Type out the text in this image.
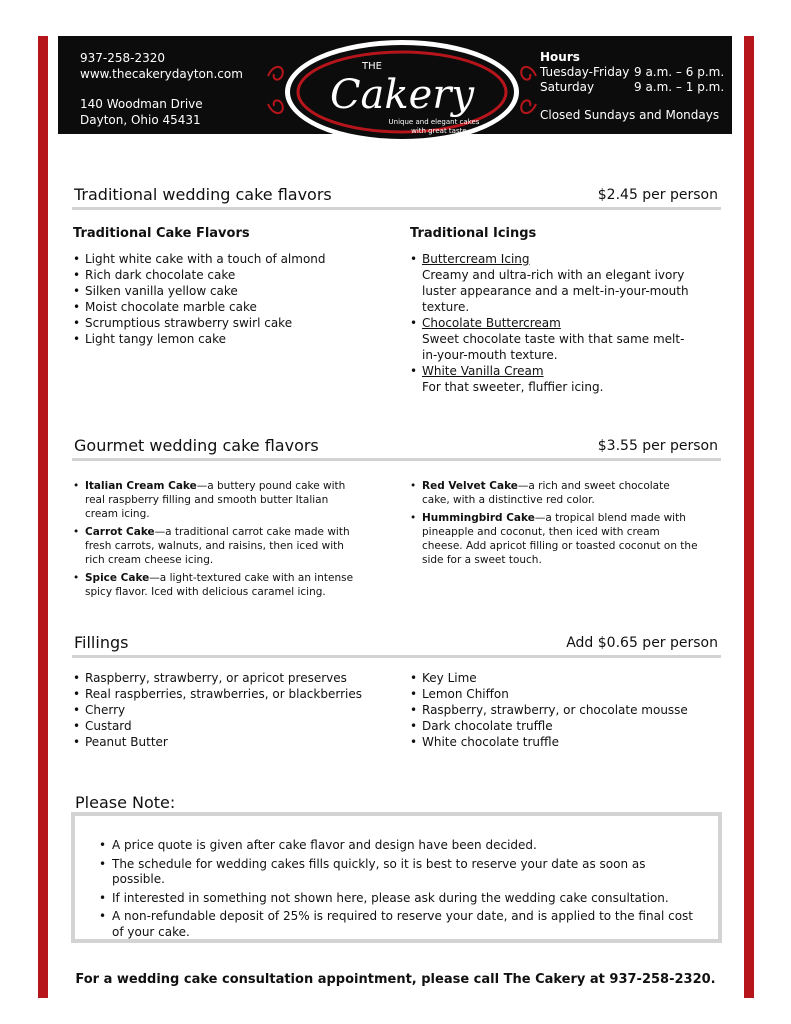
937-258-2320
www.thecakerydayton.com
140 Woodman Drive
Dayton, Ohio 45431
THE
Cakery
Unique and elegant cakes
with great taste.
Hours
Tuesday-Friday 9 a.m. – 6 p.m.
Saturday	9 a.m. – 1 p.m.
Closed Sundays and Mondays
Traditional wedding cake flavors	$2.45 per person
Traditional Cake Flavors
• Light white cake with a touch of almond
• Rich dark chocolate cake
• Silken vanilla yellow cake
• Moist chocolate marble cake
• Scrumptious strawberry swirl cake
• Light tangy lemon cake
Traditional Icings
• Buttercream Icing
Creamy and ultra-rich with an elegant ivory luster appearance and a melt-in-your-mouth texture.
• Chocolate Buttercream
Sweet chocolate taste with that same melt-in-your-mouth texture.
• White Vanilla Cream
For that sweeter, fluffier icing.
Gourmet wedding cake flavors	$3.55 per person
• Italian Cream Cake—a buttery pound cake with real raspberry filling and smooth butter Italian cream icing.
• Carrot Cake—a traditional carrot cake made with fresh carrots, walnuts, and raisins, then iced with rich cream cheese icing.
• Spice Cake—a light-textured cake with an intense spicy flavor. Iced with delicious caramel icing.
• Red Velvet Cake—a rich and sweet chocolate cake, with a distinctive red color.
• Hummingbird Cake—a tropical blend made with pineapple and coconut, then iced with cream cheese. Add apricot filling or toasted coconut on the side for a sweet touch.
Fillings	Add $0.65 per person
• Raspberry, strawberry, or apricot preserves
• Real raspberries, strawberries, or blackberries
• Cherry
• Custard
• Peanut Butter
• Key Lime
• Lemon Chiffon
• Raspberry, strawberry, or chocolate mousse
• Dark chocolate truffle
• White chocolate truffle
Please Note:
• A price quote is given after cake flavor and design have been decided.
• The schedule for wedding cakes fills quickly, so it is best to reserve your date as soon as possible.
• If interested in something not shown here, please ask during the wedding cake consultation.
• A non-refundable deposit of 25% is required to reserve your date, and is applied to the final cost of your cake.
For a wedding cake consultation appointment, please call The Cakery at 937-258-2320.
